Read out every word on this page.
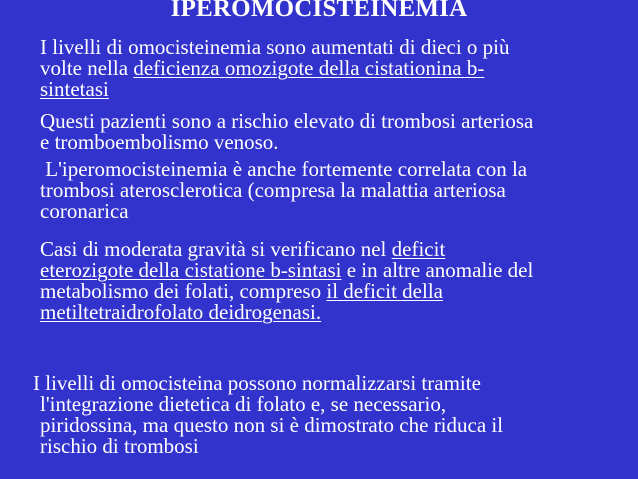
IPEROMOCISTEINEMIA
I livelli di omocisteinemia sono aumentati di dieci o più
volte nella deficienza omozigote della cistationina b-
sintetasi
Questi pazienti sono a rischio elevato di trombosi arteriosa
e tromboembolismo venoso.
L'iperomocisteinemia è anche fortemente correlata con la
trombosi aterosclerotica (compresa la malattia arteriosa
coronarica
Casi di moderata gravità si verificano nel deficit
eterozigote della cistatione b-sintasi e in altre anomalie del
metabolismo dei folati, compreso il deficit della
metiltetraidrofolato deidrogenasi.
I livelli di omocisteina possono normalizzarsi tramite
l'integrazione dietetica di folato e, se necessario,
piridossina, ma questo non si è dimostrato che riduca il
rischio di trombosi
